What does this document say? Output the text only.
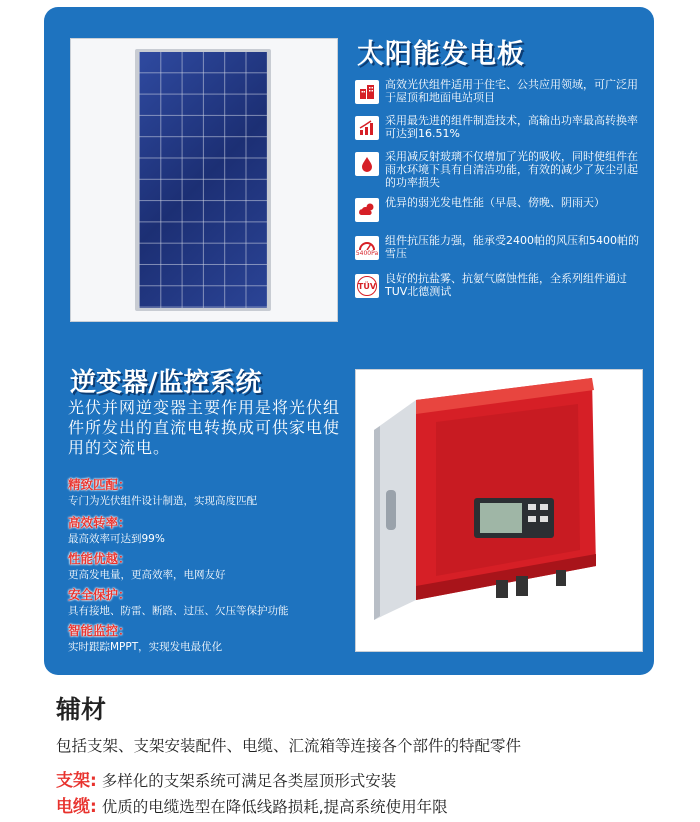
太阳能发电板
高效光伏组件适用于住宅、公共应用领域，可广泛用于屋顶和地面电站项目
采用最先进的组件制造技术，高输出功率最高转换率可达到16.51%
采用减反射玻璃不仅增加了光的吸收，同时使组件在雨水环境下具有自清洁功能，有效的减少了灰尘引起的功率损失
优异的弱光发电性能（早晨、傍晚、阴雨天）
5400Pa
组件抗压能力强，能承受2400帕的风压和5400帕的雪压
TÜV
良好的抗盐雾、抗氨气腐蚀性能，全系列组件通过TUV北德测试
逆变器/监控系统
光伏并网逆变器主要作用是将光伏组件所发出的直流电转换成可供家电使用的交流电。
精致匹配：
专门为光伏组件设计制造，实现高度匹配
高效转率：
最高效率可达到99%
性能优越：
更高发电量，更高效率，电网友好
安全保护：
具有接地、防雷、断路、过压、欠压等保护功能
智能监控：
实时跟踪MPPT，实现发电最优化
辅材
包括支架、支架安装配件、电缆、汇流箱等连接各个部件的特配零件
支架: 多样化的支架系统可满足各类屋顶形式安装
电缆: 优质的电缆选型在降低线路损耗,提高系统使用年限
